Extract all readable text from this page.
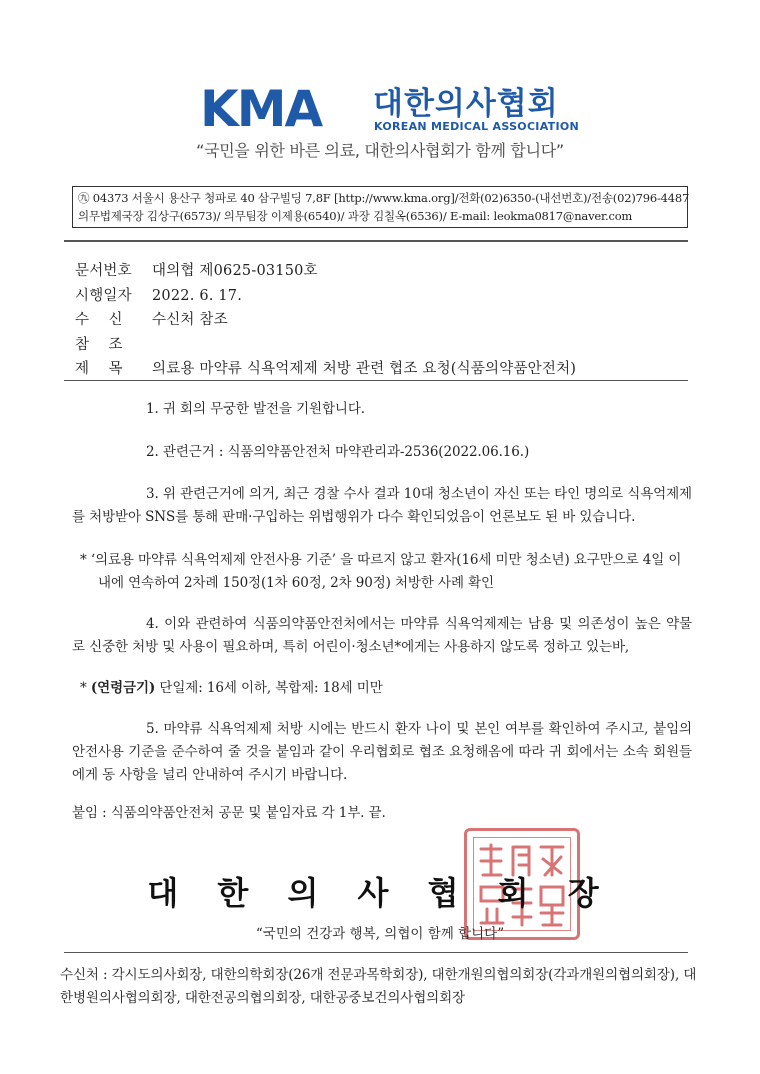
KMA 대한의사협회
KOREAN MEDICAL ASSOCIATION
“국민을 위한 바른 의료, 대한의사협회가 함께 합니다”
㊈ 04373 서울시 용산구 청파로 40 삼구빌딩 7,8F [http://www.kma.org]/전화(02)6350-(내선번호)/전송(02)796-4487
의무법제국장 김상구(6573)/ 의무팀장 이제용(6540)/ 과장 김칠옥(6536)/ E-mail: leokma0817@naver.com
문서번호 대의협 제0625-03150호
시행일자 2022. 6. 17.
수    신 수신처 참조
참    조
제    목 의료용 마약류 식욕억제제 처방 관련 협조 요청(식품의약품안전처)
1. 귀 회의 무궁한 발전을 기원합니다.
2. 관련근거 : 식품의약품안전처 마약관리과-2536(2022.06.16.)
3. 위 관련근거에 의거, 최근 경찰 수사 결과 10대 청소년이 자신 또는 타인 명의로 식욕억제제를 처방받아 SNS를 통해 판매·구입하는 위법행위가 다수 확인되었음이 언론보도 된 바 있습니다.
* ‘의료용 마약류 식욕억제제 안전사용 기준’ 을 따르지 않고 환자(16세 미만 청소년) 요구만으로 4일 이내에 연속하여 2차례 150정(1차 60정, 2차 90정) 처방한 사례 확인
4. 이와 관련하여 식품의약품안전처에서는 마약류 식욕억제제는 남용 및 의존성이 높은 약물로 신중한 처방 및 사용이 필요하며, 특히 어린이·청소년*에게는 사용하지 않도록 정하고 있는바,
* (연령금기) 단일제: 16세 이하, 복합제: 18세 미만
5. 마약류 식욕억제제 처방 시에는 반드시 환자 나이 및 본인 여부를 확인하여 주시고, 붙임의 안전사용 기준을 준수하여 줄 것을 붙임과 같이 우리협회로 협조 요청해옴에 따라 귀 회에서는 소속 회원들에게 동 사항을 널리 안내하여 주시기 바랍니다.
붙임 : 식품의약품안전처 공문 및 붙임자료 각 1부. 끝.
대 한 의 사 협 회 장
“국민의 건강과 행복, 의협이 함께 합니다”
수신처 : 각시도의사회장, 대한의학회장(26개 전문과목학회장), 대한개원의협의회장(각과개원의협의회장), 대한병원의사협의회장, 대한전공의협의회장, 대한공중보건의사협의회장
